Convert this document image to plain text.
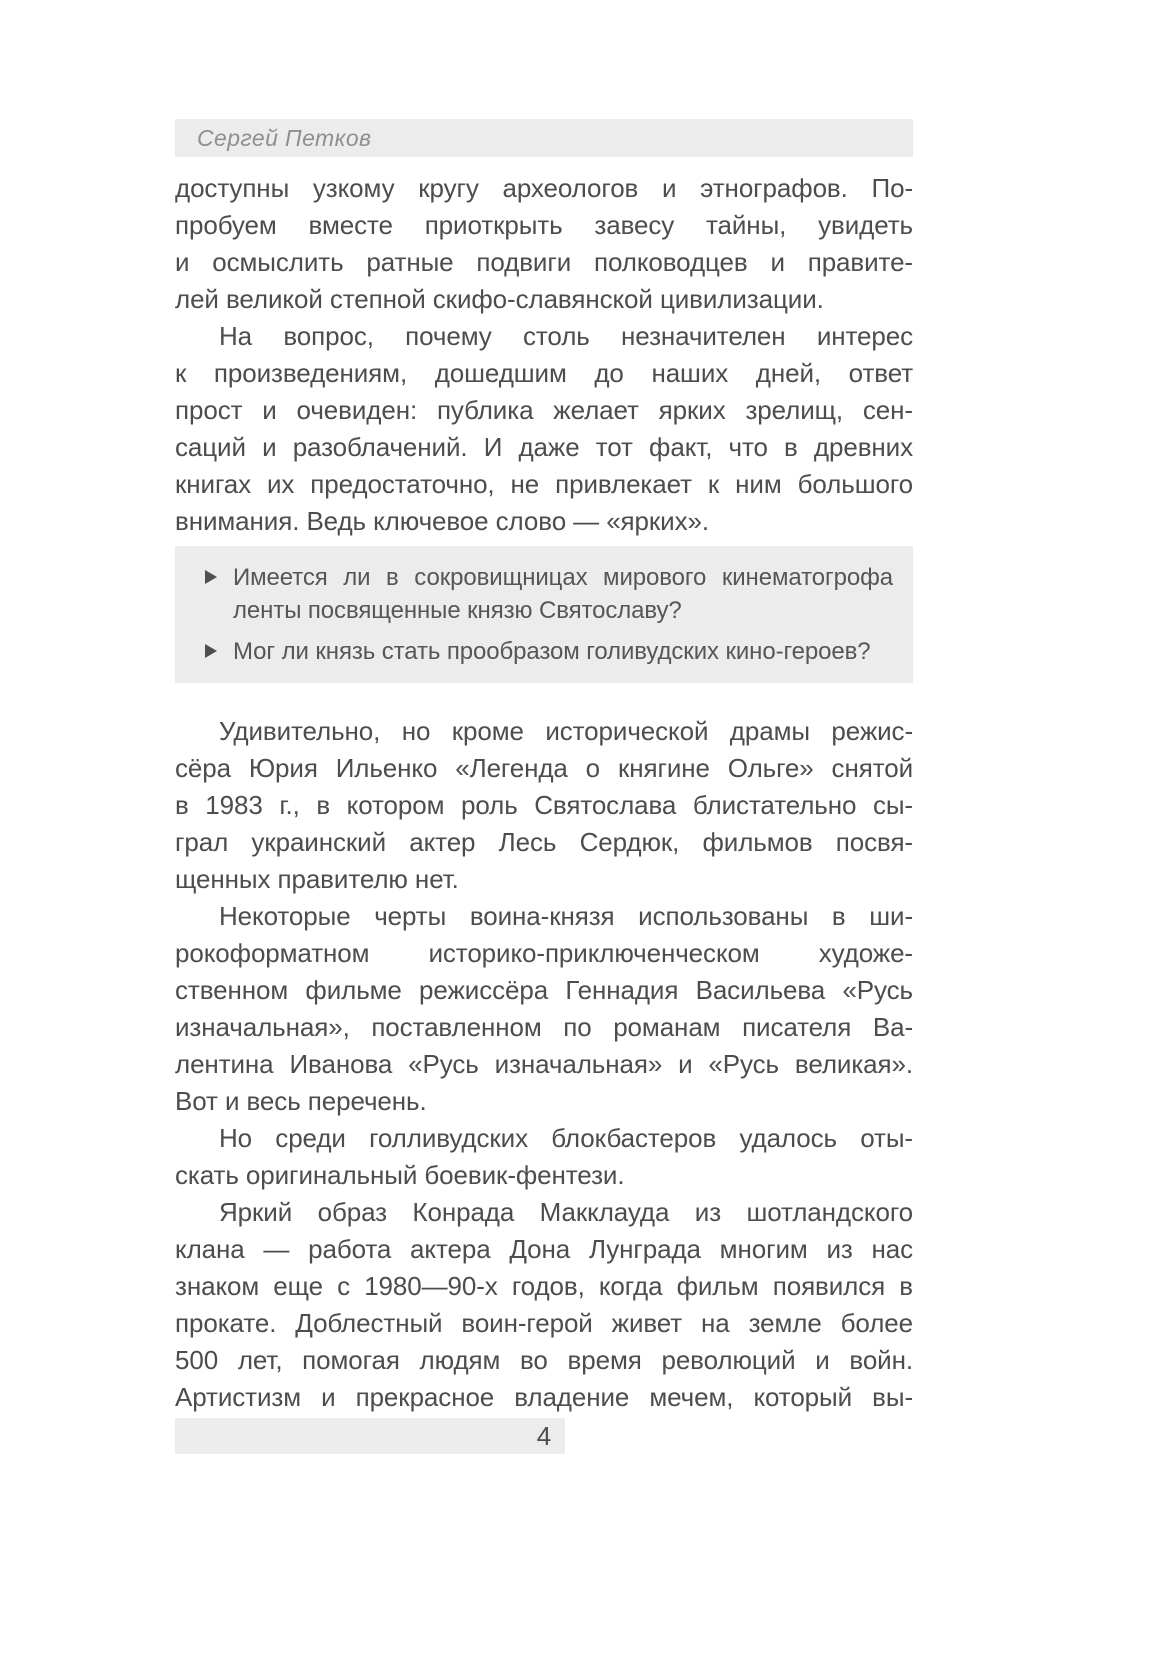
Сергей Петков
доступны узкому кругу археологов и этнографов. По-
пробуем вместе приоткрыть завесу тайны, увидеть
и осмыслить ратные подвиги полководцев и правите-
лей великой степной скифо-славянской цивилизации.
На вопрос, почему столь незначителен интерес
к произведениям, дошедшим до наших дней, ответ
прост и очевиден: публика желает ярких зрелищ, сен-
саций и разоблачений. И даже тот факт, что в древних
книгах их предостаточно, не привлекает к ним большого
внимания. Ведь ключевое слово — «ярких».
Имеется ли в сокровищницах мирового кинематогрофа
ленты посвященные князю Святославу?
Мог ли князь стать прообразом голивудских кино-героев?
Удивительно, но кроме исторической драмы режис-
сёра Юрия Ильенко «Легенда о княгине Ольге» снятой
в 1983 г., в котором роль Святослава блистательно сы-
грал украинский актер Лесь Сердюк, фильмов посвя-
щенных правителю нет.
Некоторые черты воина-князя использованы в ши-
рокоформатном историко-приключенческом художе-
ственном фильме режиссёра Геннадия Васильева «Русь
изначальная», поставленном по романам писателя Ва-
лентина Иванова «Русь изначальная» и «Русь великая».
Вот и весь перечень.
Но среди голливудских блокбастеров удалось оты-
скать оригинальный боевик-фентези.
Яркий образ Конрада Макклауда из шотландского
клана — работа актера Дона Лунграда многим из нас
знаком еще с 1980—90-х годов, когда фильм появился в
прокате. Доблестный воин-герой живет на земле более
500 лет, помогая людям во время революций и войн.
Артистизм и прекрасное владение мечем, который вы-
4
